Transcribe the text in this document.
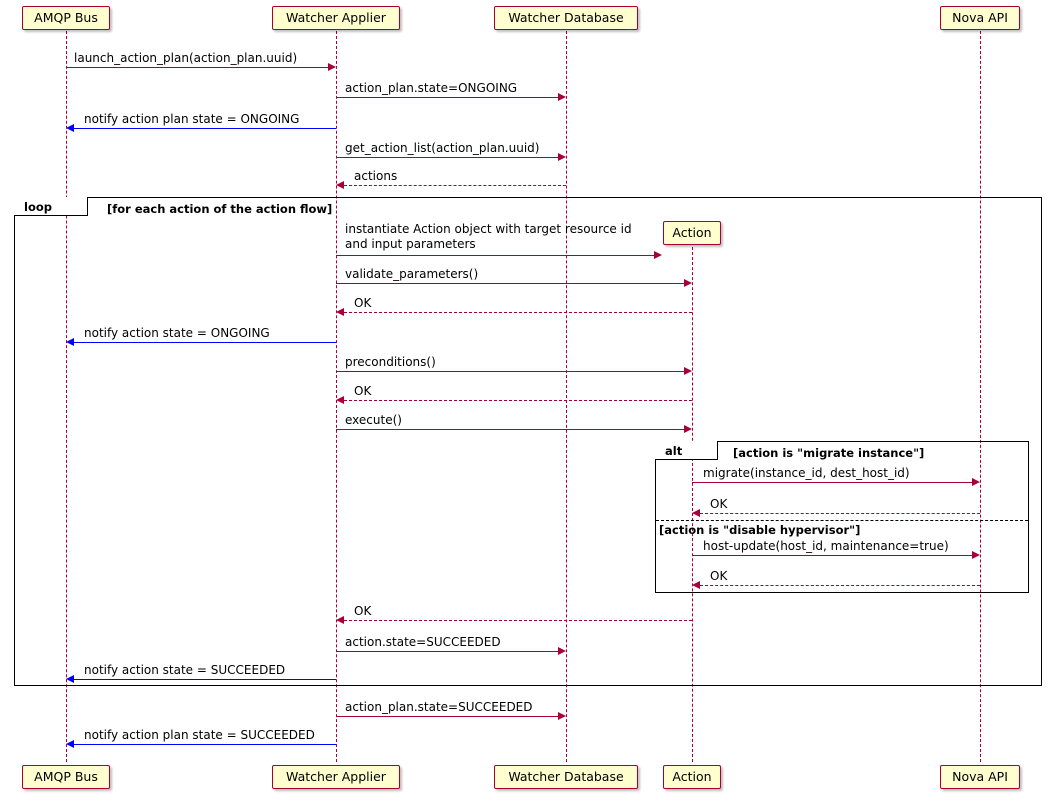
loop	[for each action of the action flow]
alt	[action is "migrate instance"]
[action is "disable hypervisor"]
AMQP Bus	Watcher Applier	Watcher Database	Nova API
Action
AMQP Bus	Watcher Applier	Watcher Database	Action	Nova API
launch_action_plan(action_plan.uuid)
action_plan.state=ONGOING
notify action plan state = ONGOING
get_action_list(action_plan.uuid)
actions
instantiate Action object with target resource id
and input parameters
validate_parameters()
OK
notify action state = ONGOING
preconditions()
OK
execute()
migrate(instance_id, dest_host_id)
OK
host-update(host_id, maintenance=true)
OK
OK
action.state=SUCCEEDED
notify action state = SUCCEEDED
action_plan.state=SUCCEEDED
notify action plan state = SUCCEEDED
